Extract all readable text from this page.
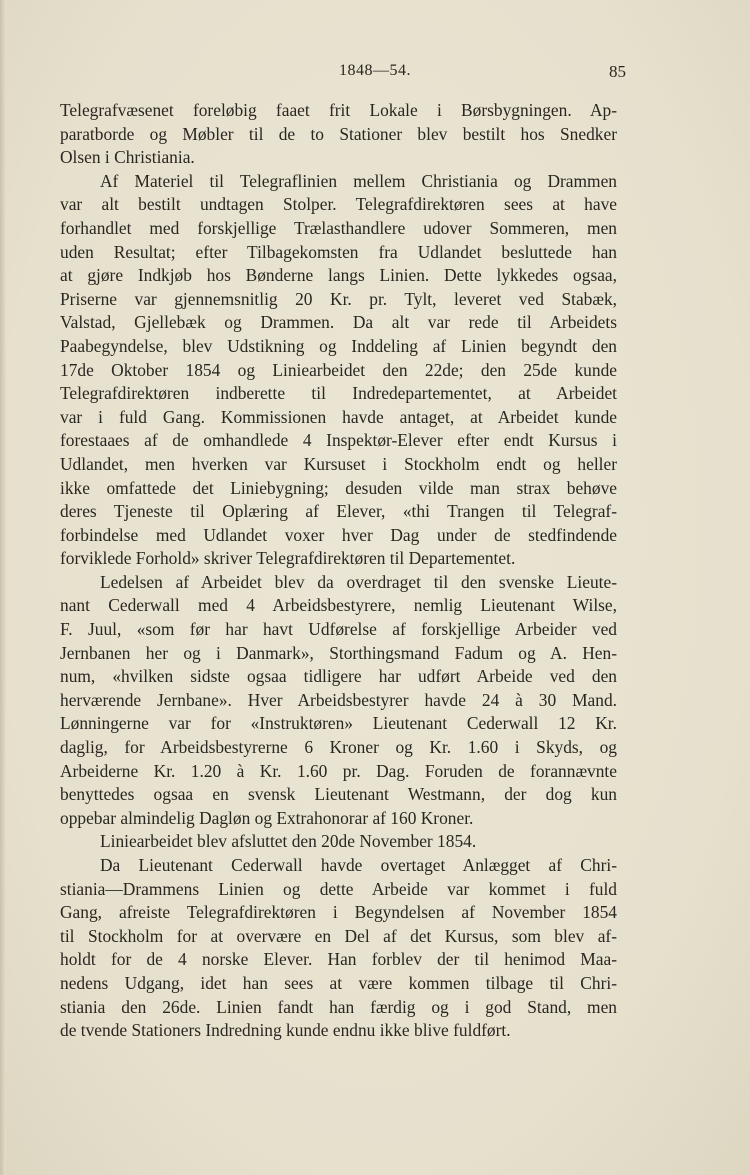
1848—54.	85
Telegrafvæsenet foreløbig faaet frit Lokale i Børsbygningen. Ap-
paratborde og Møbler til de to Stationer blev bestilt hos Snedker
Olsen i Christiania.
Af Materiel til Telegraflinien mellem Christiania og Drammen
var alt bestilt undtagen Stolper. Telegrafdirektøren sees at have
forhandlet med forskjellige Trælasthandlere udover Sommeren, men
uden Resultat; efter Tilbagekomsten fra Udlandet besluttede han
at gjøre Indkjøb hos Bønderne langs Linien. Dette lykkedes ogsaa,
Priserne var gjennemsnitlig 20 Kr. pr. Tylt, leveret ved Stabæk,
Valstad, Gjellebæk og Drammen. Da alt var rede til Arbeidets
Paabegyndelse, blev Udstikning og Inddeling af Linien begyndt den
17de Oktober 1854 og Liniearbeidet den 22de; den 25de kunde
Telegrafdirektøren indberette til Indredepartementet, at Arbeidet
var i fuld Gang. Kommissionen havde antaget, at Arbeidet kunde
forestaaes af de omhandlede 4 Inspektør-Elever efter endt Kursus i
Udlandet, men hverken var Kursuset i Stockholm endt og heller
ikke omfattede det Liniebygning; desuden vilde man strax behøve
deres Tjeneste til Oplæring af Elever, «thi Trangen til Telegraf-
forbindelse med Udlandet voxer hver Dag under de stedfindende
forviklede Forhold» skriver Telegrafdirektøren til Departementet.
Ledelsen af Arbeidet blev da overdraget til den svenske Lieute-
nant Cederwall med 4 Arbeidsbestyrere, nemlig Lieutenant Wilse,
F. Juul, «som før har havt Udførelse af forskjellige Arbeider ved
Jernbanen her og i Danmark», Storthingsmand Fadum og A. Hen-
num, «hvilken sidste ogsaa tidligere har udført Arbeide ved den
herværende Jernbane». Hver Arbeidsbestyrer havde 24 à 30 Mand.
Lønningerne var for «Instruktøren» Lieutenant Cederwall 12 Kr.
daglig, for Arbeidsbestyrerne 6 Kroner og Kr. 1.60 i Skyds, og
Arbeiderne Kr. 1.20 à Kr. 1.60 pr. Dag. Foruden de forannævnte
benyttedes ogsaa en svensk Lieutenant Westmann, der dog kun
oppebar almindelig Dagløn og Extrahonorar af 160 Kroner.
Liniearbeidet blev afsluttet den 20de November 1854.
Da Lieutenant Cederwall havde overtaget Anlægget af Chri-
stiania—Drammens Linien og dette Arbeide var kommet i fuld
Gang, afreiste Telegrafdirektøren i Begyndelsen af November 1854
til Stockholm for at overvære en Del af det Kursus, som blev af-
holdt for de 4 norske Elever. Han forblev der til henimod Maa-
nedens Udgang, idet han sees at være kommen tilbage til Chri-
stiania den 26de. Linien fandt han færdig og i god Stand, men
de tvende Stationers Indredning kunde endnu ikke blive fuldført.
